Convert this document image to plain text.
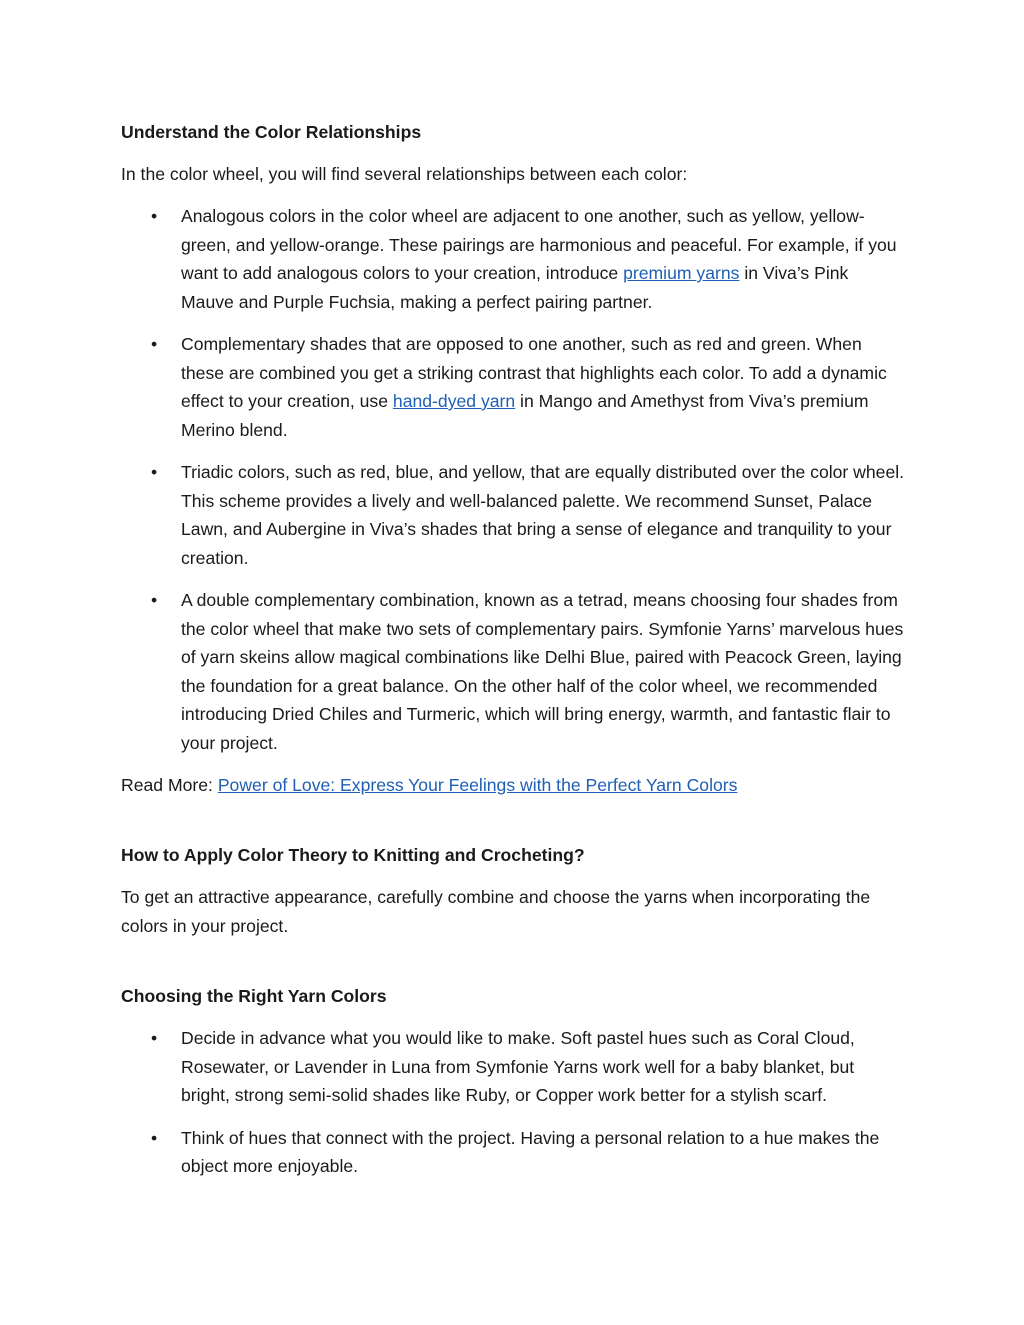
Understand the Color Relationships

In the color wheel, you will find several relationships between each color:

• Analogous colors in the color wheel are adjacent to one another, such as yellow, yellow-green, and yellow-orange. These pairings are harmonious and peaceful. For example, if you want to add analogous colors to your creation, introduce premium yarns in Viva’s Pink Mauve and Purple Fuchsia, making a perfect pairing partner.
• Complementary shades that are opposed to one another, such as red and green. When these are combined you get a striking contrast that highlights each color. To add a dynamic effect to your creation, use hand-dyed yarn in Mango and Amethyst from Viva’s premium Merino blend.
• Triadic colors, such as red, blue, and yellow, that are equally distributed over the color wheel. This scheme provides a lively and well-balanced palette. We recommend Sunset, Palace Lawn, and Aubergine in Viva’s shades that bring a sense of elegance and tranquility to your creation.
• A double complementary combination, known as a tetrad, means choosing four shades from the color wheel that make two sets of complementary pairs. Symfonie Yarns’ marvelous hues of yarn skeins allow magical combinations like Delhi Blue, paired with Peacock Green, laying the foundation for a great balance. On the other half of the color wheel, we recommended introducing Dried Chiles and Turmeric, which will bring energy, warmth, and fantastic flair to your project.

Read More: Power of Love: Express Your Feelings with the Perfect Yarn Colors

How to Apply Color Theory to Knitting and Crocheting?

To get an attractive appearance, carefully combine and choose the yarns when incorporating the colors in your project.

Choosing the Right Yarn Colors
• Decide in advance what you would like to make. Soft pastel hues such as Coral Cloud, Rosewater, or Lavender in Luna from Symfonie Yarns work well for a baby blanket, but bright, strong semi-solid shades like Ruby, or Copper work better for a stylish scarf.
• Think of hues that connect with the project. Having a personal relation to a hue makes the object more enjoyable.
